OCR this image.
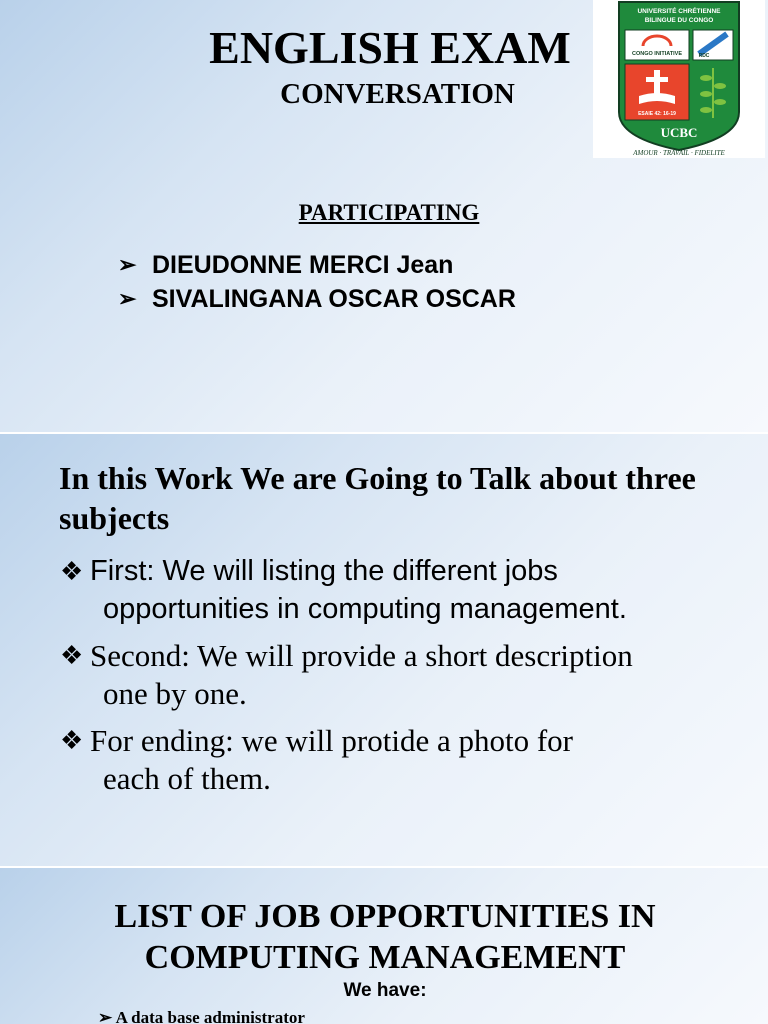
ENGLISH EXAM
CONVERSATION
UNIVERSITÉ CHRÉTIENNE
BILINGUE DU CONGO
CONGO INITIATIVE	RDC
ESAIE 42: 16-19
UCBC
AMOUR · TRAVAIL · FIDELITE
PARTICIPATING
➢ DIEUDONNE MERCI Jean
➢ SIVALINGANA OSCAR OSCAR
In this Work We are Going to Talk about three subjects
❖ First: We will listing the different jobs
opportunities in computing management.
❖ Second: We will provide a short description
one by one.
❖ For ending: we will protide a photo for
each of them.
LIST OF JOB OPPORTUNITIES IN COMPUTING MANAGEMENT
We have:
➢ A data base administrator
